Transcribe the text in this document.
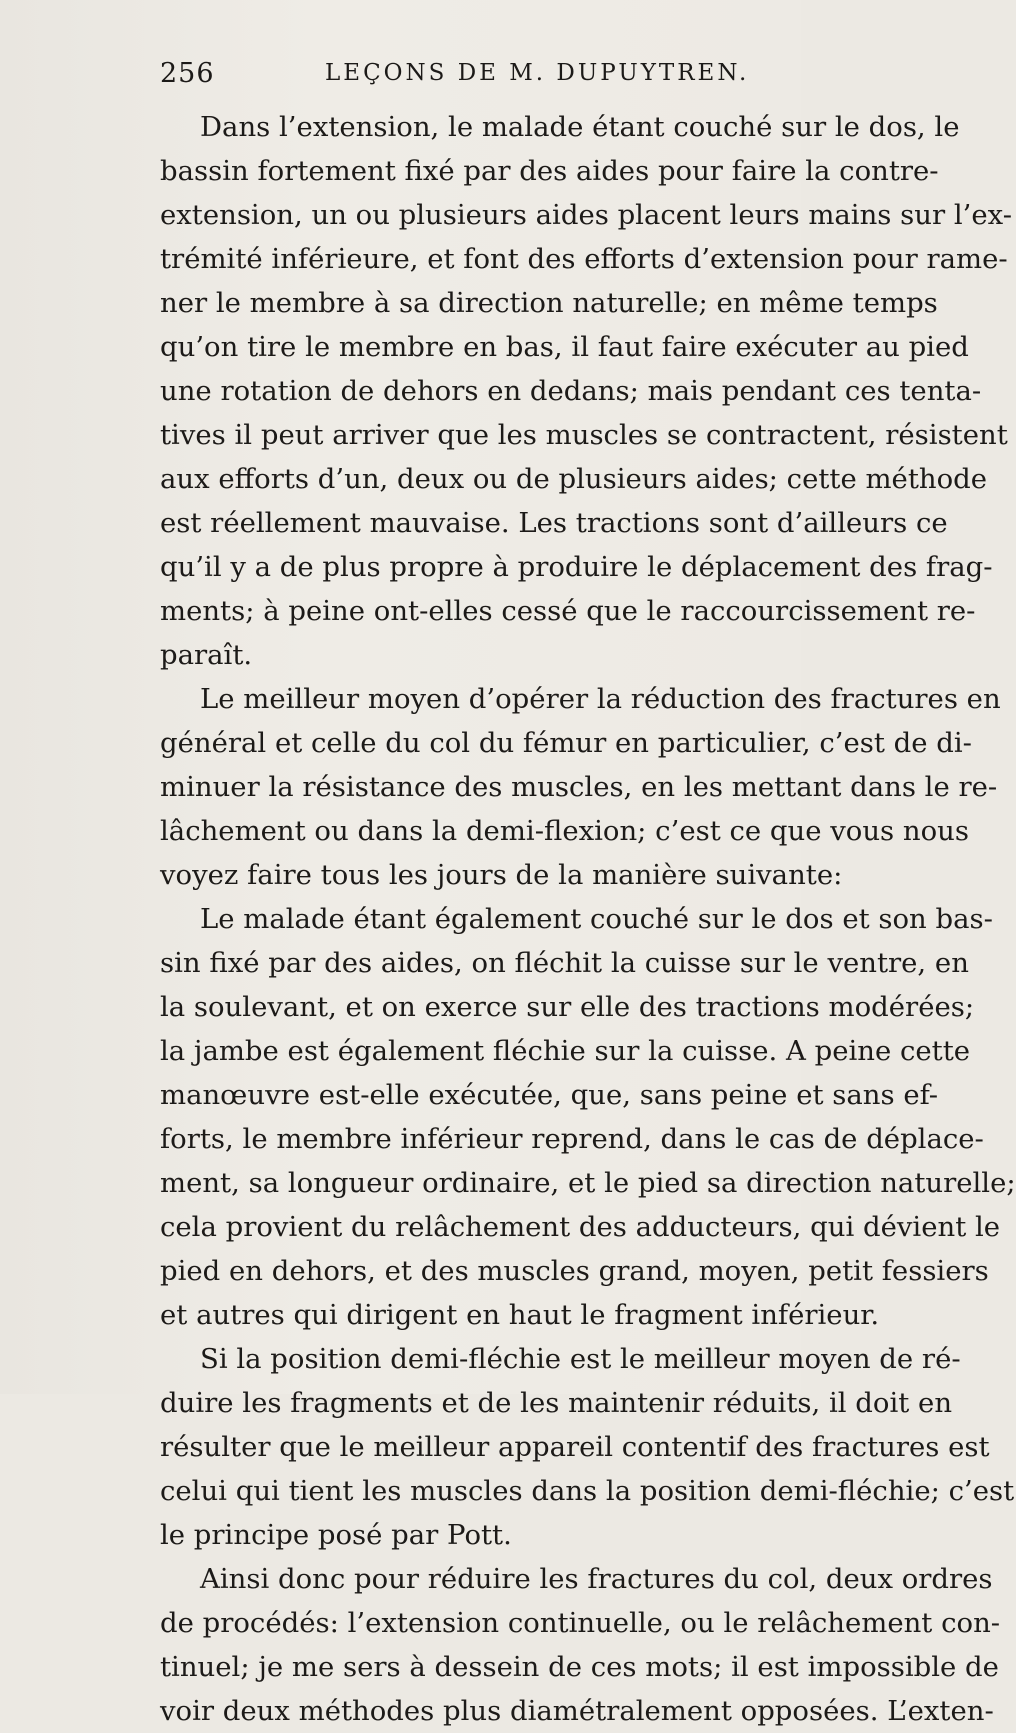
256	LEÇONS DE M. DUPUYTREN.
Dans l’extension, le malade étant couché sur le dos, le
bassin fortement fixé par des aides pour faire la contre-
extension, un ou plusieurs aides placent leurs mains sur l’ex-
trémité inférieure, et font des efforts d’extension pour rame-
ner le membre à sa direction naturelle; en même temps
qu’on tire le membre en bas, il faut faire exécuter au pied
une rotation de dehors en dedans; mais pendant ces tenta-
tives il peut arriver que les muscles se contractent, résistent
aux efforts d’un, deux ou de plusieurs aides; cette méthode
est réellement mauvaise. Les tractions sont d’ailleurs ce
qu’il y a de plus propre à produire le déplacement des frag-
ments; à peine ont-elles cessé que le raccourcissement re-
paraît.
Le meilleur moyen d’opérer la réduction des fractures en
général et celle du col du fémur en particulier, c’est de di-
minuer la résistance des muscles, en les mettant dans le re-
lâchement ou dans la demi-flexion; c’est ce que vous nous
voyez faire tous les jours de la manière suivante:
Le malade étant également couché sur le dos et son bas-
sin fixé par des aides, on fléchit la cuisse sur le ventre, en
la soulevant, et on exerce sur elle des tractions modérées;
la jambe est également fléchie sur la cuisse. A peine cette
manœuvre est-elle exécutée, que, sans peine et sans ef-
forts, le membre inférieur reprend, dans le cas de déplace-
ment, sa longueur ordinaire, et le pied sa direction naturelle;
cela provient du relâchement des adducteurs, qui dévient le
pied en dehors, et des muscles grand, moyen, petit fessiers
et autres qui dirigent en haut le fragment inférieur.
Si la position demi-fléchie est le meilleur moyen de ré-
duire les fragments et de les maintenir réduits, il doit en
résulter que le meilleur appareil contentif des fractures est
celui qui tient les muscles dans la position demi-fléchie; c’est
le principe posé par Pott.
Ainsi donc pour réduire les fractures du col, deux ordres
de procédés: l’extension continuelle, ou le relâchement con-
tinuel; je me sers à dessein de ces mots; il est impossible de
voir deux méthodes plus diamétralement opposées. L’exten-
